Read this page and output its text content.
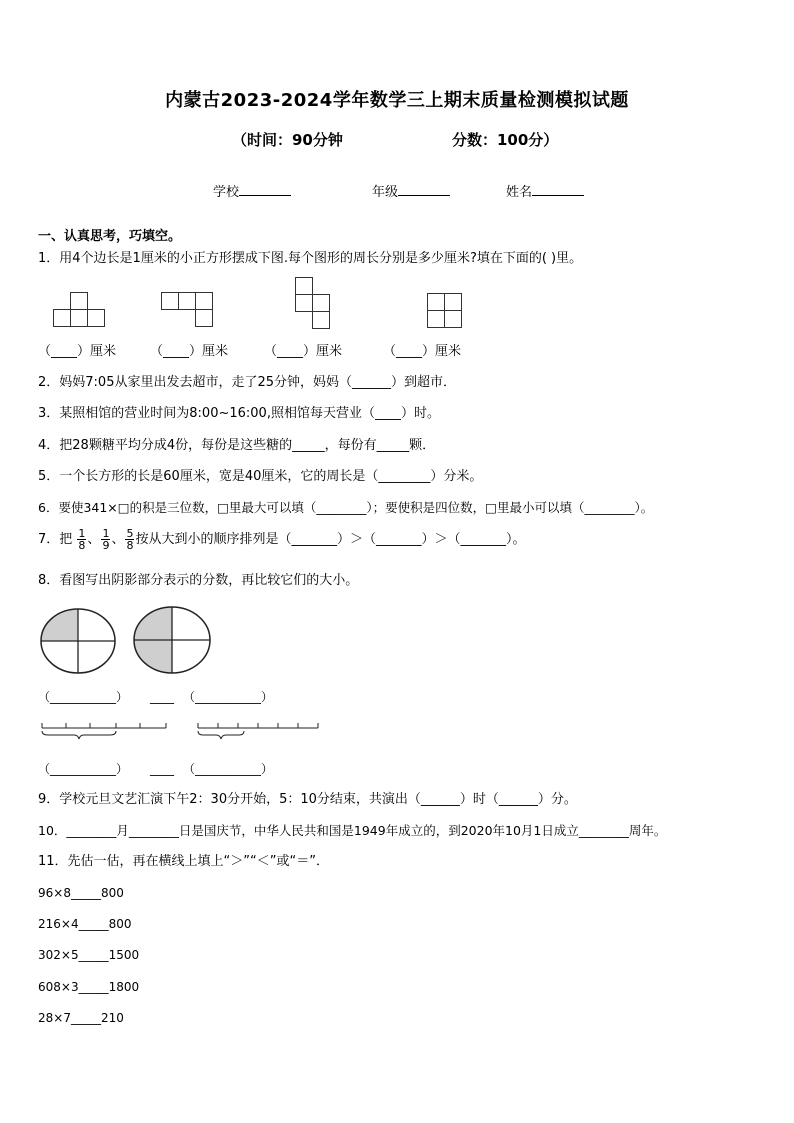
内蒙古2023-2024学年数学三上期末质量检测模拟试题
（时间：90分钟	分数：100分）
学校	年级	姓名
一、认真思考，巧填空。
1．用4个边长是1厘米的小正方形摆成下图.每个图形的周长分别是多少厘米?填在下面的( )里。
（____）厘米	（____）厘米	（____）厘米	（____）厘米
2．妈妈7:05从家里出发去超市，走了25分钟，妈妈（______）到超市．
3．某照相馆的营业时间为8:00~16:00,照相馆每天营业（____）时。
4．把28颗糖平均分成4份，每份是这些糖的_____，每份有_____颗．
5．一个长方形的长是60厘米，宽是40厘米，它的周长是（________）分米。
6．要使341×□的积是三位数，□里最大可以填（________）；要使积是四位数，□里最小可以填（________）。
7．把 $\frac{1}{8}$ 、 $\frac{1}{9}$ 、 $\frac{5}{8}$ 按从大到小的顺序排列是（_______）＞（_______）＞（_______）。
8．看图写出阴影部分表示的分数，再比较它们的大小。
（___________） ____ （___________）
（___________） ____ （___________）
9．学校元旦文艺汇演下午2：30分开始，5：10分结束，共演出（______）时（______）分。
10．________月________日是国庆节，中华人民共和国是1949年成立的，到2020年10月1日成立________周年。
11．先估一估，再在横线上填上“＞”“＜”或“＝”．
96×8_____800
216×4_____800
302×5_____1500
608×3_____1800
28×7_____210
